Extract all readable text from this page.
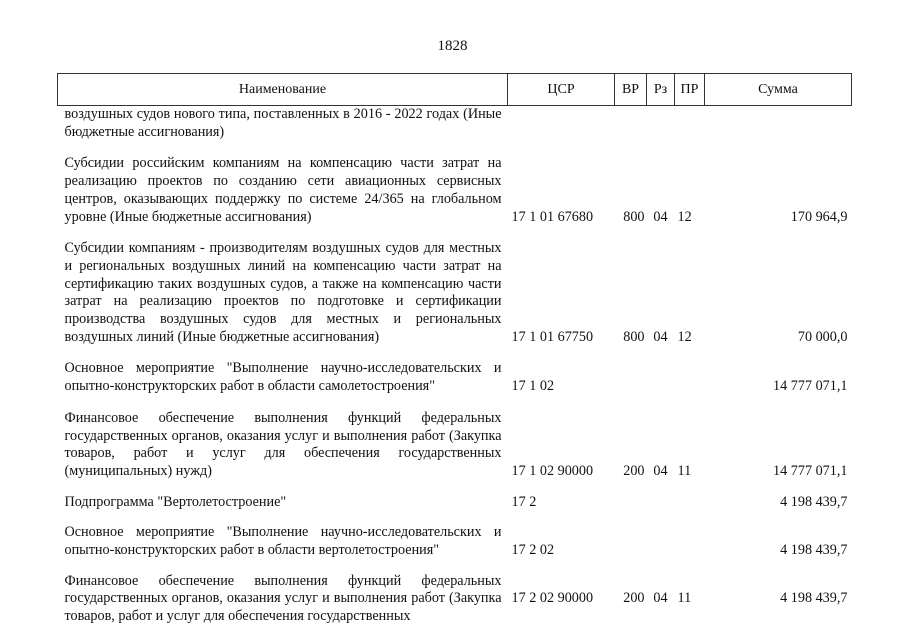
1828
Наименование	ЦСР	ВР	Рз	ПР	Сумма
воздушных судов нового типа, поставленных в 2016 - 2022 годах (Иные бюджетные ассигнования)					

Субсидии российским компаниям на компенсацию части затрат на реализацию проектов по созданию сети авиационных сервисных центров, оказывающих поддержку по системе 24/365 на глобальном уровне (Иные бюджетные ассигнования)	17 1 01 67680	800	04	12	170 964,9

Субсидии компаниям - производителям воздушных судов для местных и региональных воздушных линий на компенсацию части затрат на сертификацию таких воздушных судов, а также на компенсацию части затрат на реализацию проектов по подготовке и сертификации производства воздушных судов для местных и региональных воздушных линий (Иные бюджетные ассигнования)	17 1 01 67750	800	04	12	70 000,0

Основное мероприятие "Выполнение научно-исследовательских и опытно-конструкторских работ в области самолетостроения"	17 1 02				14 777 071,1

Финансовое обеспечение выполнения функций федеральных государственных органов, оказания услуг и выполнения работ (Закупка товаров, работ и услуг для обеспечения государственных (муниципальных) нужд)	17 1 02 90000	200	04	11	14 777 071,1

Подпрограмма "Вертолетостроение"	17 2				4 198 439,7

Основное мероприятие "Выполнение научно-исследовательских и опытно-конструкторских работ в области вертолетостроения"	17 2 02				4 198 439,7

Финансовое обеспечение выполнения функций федеральных государственных органов, оказания услуг и выполнения работ (Закупка товаров, работ и услуг для обеспечения государственных	17 2 02 90000	200	04	11	4 198 439,7
